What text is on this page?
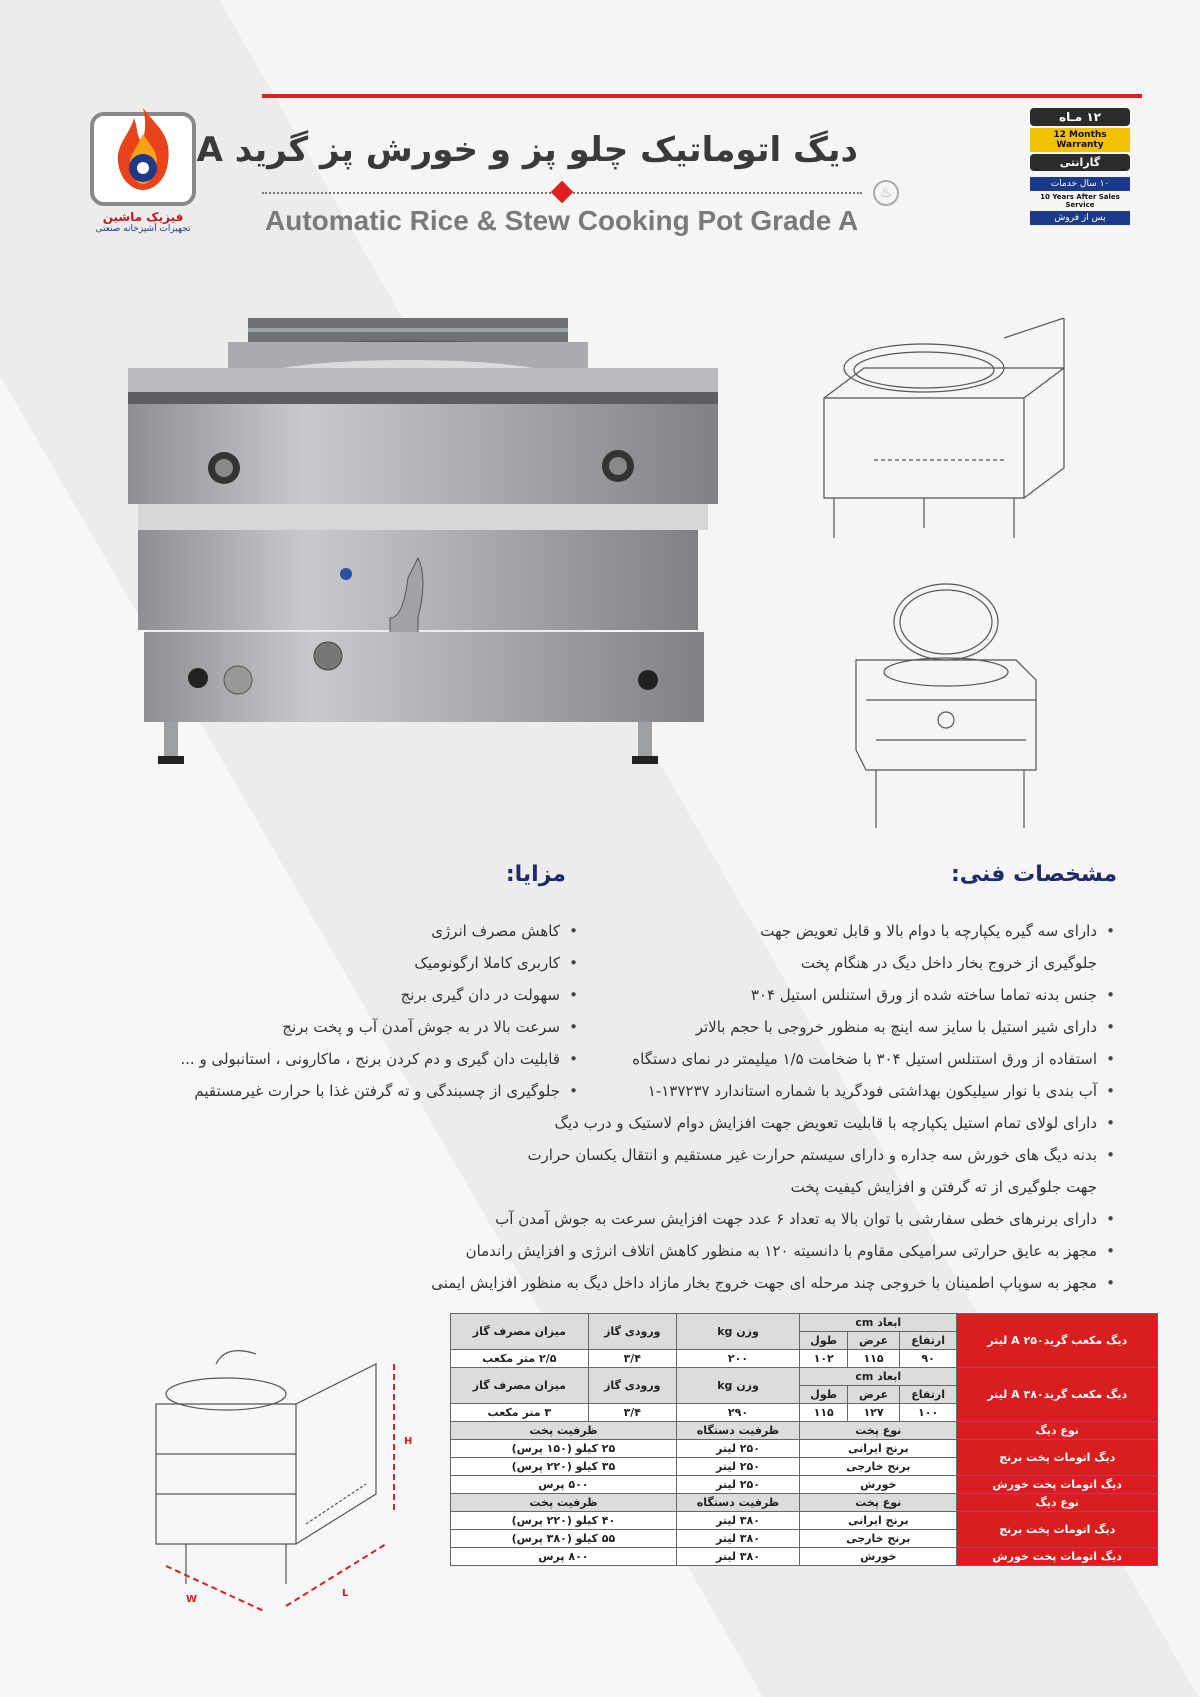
فیزیک ماشین
تجهیزات آشپزخانه صنعتی
دیگ اتوماتیک چلو پز و خورش پز گرید A
♨
Automatic Rice & Stew Cooking Pot Grade A
۱۲ مـاه
12 Months Warranty
گارانتی
۱۰ سال خدمات
10 Years After Sales Service
پس از فروش
H
W
L
مشخصات فنی:
مزایا:
• کاهش مصرف انرژی
• کاربری کاملا ارگونومیک
• سهولت در دان گیری برنج
• سرعت بالا در به جوش آمدن آب و پخت برنج
• قابلیت دان گیری و دم کردن برنج ، ماکارونی ، استانبولی و ...
• جلوگیری از چسبندگی و ته گرفتن غذا با حرارت غیرمستقیم
• دارای سه گیره یکپارچه با دوام بالا و قابل تعویض جهت
جلوگیری از خروج بخار داخل دیگ در هنگام پخت
• جنس بدنه تماما ساخته شده از ورق استنلس استیل ۳۰۴
• دارای شیر استیل با سایز سه اینچ به منظور خروجی با حجم بالاتر
• استفاده از ورق استنلس استیل ۳۰۴ با ضخامت ۱/۵ میلیمتر در نمای دستگاه
• آب بندی با نوار سیلیکون بهداشتی فودگرید با شماره استاندارد ۱۳۷۲۳۷-۱
• دارای لولای تمام استیل یکپارچه با قابلیت تعویض جهت افزایش دوام لاستیک و درب دیگ
• بدنه دیگ های خورش سه جداره و دارای سیستم حرارت غیر مستقیم و انتقال یکسان حرارت
جهت جلوگیری از ته گرفتن و افزایش کیفیت پخت
• دارای برنرهای خطی سفارشی با توان بالا به تعداد ۶ عدد جهت افزایش سرعت به جوش آمدن آب
• مجهز به عایق حرارتی سرامیکی مقاوم با دانسیته ۱۲۰ به منظور کاهش اتلاف انرژی و افزایش راندمان
• مجهز به سوپاپ اطمینان با خروجی چند مرحله ای جهت خروج بخار مازاد داخل دیگ به منظور افزایش ایمنی
دیگ مکعب گریدA ۲۵۰ لیتر	ابعاد cm			وزن kg	ورودی گاز	میزان مصرف گاز
	ارتفاع	عرض	طول			
	۹۰	۱۱۵	۱۰۲	۲۰۰	۳/۴	۲/۵ متر مکعب
دیگ مکعب گریدA ۳۸۰ لیتر	ابعاد cm			وزن kg	ورودی گاز	میزان مصرف گاز
	ارتفاع	عرض	طول			
	۱۰۰	۱۲۷	۱۱۵	۲۹۰	۳/۴	۳ متر مکعب
نوع دیگ	نوع پخت			ظرفیت دستگاه	ظرفیت پخت	
دیگ اتومات پخت برنج	برنج ایرانی			۲۵۰ لیتر	۲۵ کیلو (۱۵۰ پرس)	
	برنج خارجی			۲۵۰ لیتر	۳۵ کیلو (۲۲۰ پرس)	
دیگ اتومات پخت خورش	خورش			۲۵۰ لیتر	۵۰۰ پرس	
نوع دیگ	نوع پخت			ظرفیت دستگاه	ظرفیت پخت	
دیگ اتومات پخت برنج	برنج ایرانی			۳۸۰ لیتر	۴۰ کیلو (۲۲۰ پرس)	
	برنج خارجی			۳۸۰ لیتر	۵۵ کیلو (۳۸۰ پرس)	
دیگ اتومات پخت خورش	خورش			۳۸۰ لیتر	۸۰۰ پرس	
